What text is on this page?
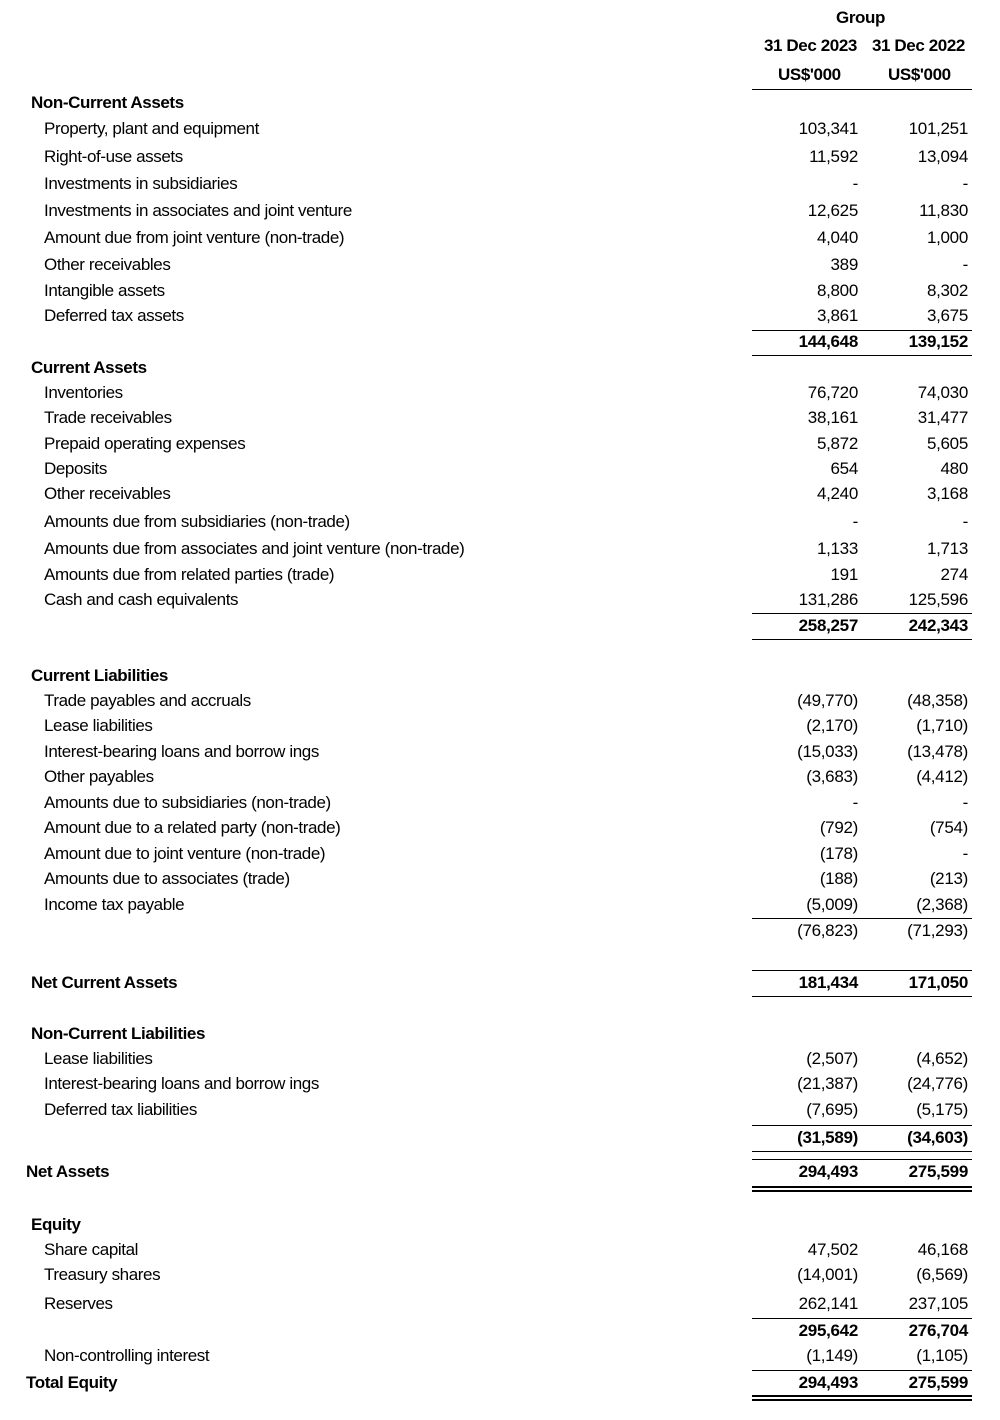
Group
31 Dec 2023 31 Dec 2022
US$'000	US$'000
Non-Current Assets
Property, plant and equipment	103,341	101,251
Right-of-use assets	11,592	13,094
Investments in subsidiaries	-	-
Investments in associates and joint venture	12,625	11,830
Amount due from joint venture (non-trade)	4,040	1,000
Other receivables	389	-
Intangible assets	8,800	8,302
Deferred tax assets	3,861	3,675
144,648	139,152
Current Assets
Inventories	76,720	74,030
Trade receivables	38,161	31,477
Prepaid operating expenses	5,872	5,605
Deposits	654	480
Other receivables	4,240	3,168
Amounts due from subsidiaries (non-trade)	-	-
Amounts due from associates and joint venture (non-trade)	1,133	1,713
Amounts due from related parties (trade)	191	274
Cash and cash equivalents	131,286	125,596
258,257	242,343
Current Liabilities
Trade payables and accruals	(49,770)	(48,358)
Lease liabilities	(2,170)	(1,710)
Interest-bearing loans and borrow ings	(15,033)	(13,478)
Other payables	(3,683)	(4,412)
Amounts due to subsidiaries (non-trade)	-	-
Amount due to a related party (non-trade)	(792)	(754)
Amount due to joint venture (non-trade)	(178)	-
Amounts due to associates (trade)	(188)	(213)
Income tax payable	(5,009)	(2,368)
(76,823)	(71,293)
Net Current Assets	181,434	171,050
Non-Current Liabilities
Lease liabilities	(2,507)	(4,652)
Interest-bearing loans and borrow ings	(21,387)	(24,776)
Deferred tax liabilities	(7,695)	(5,175)
(31,589)	(34,603)
Net Assets	294,493	275,599
Equity
Share capital	47,502	46,168
Treasury shares	(14,001)	(6,569)
Reserves	262,141	237,105
295,642	276,704
Non-controlling interest	(1,149)	(1,105)
Total Equity	294,493	275,599
